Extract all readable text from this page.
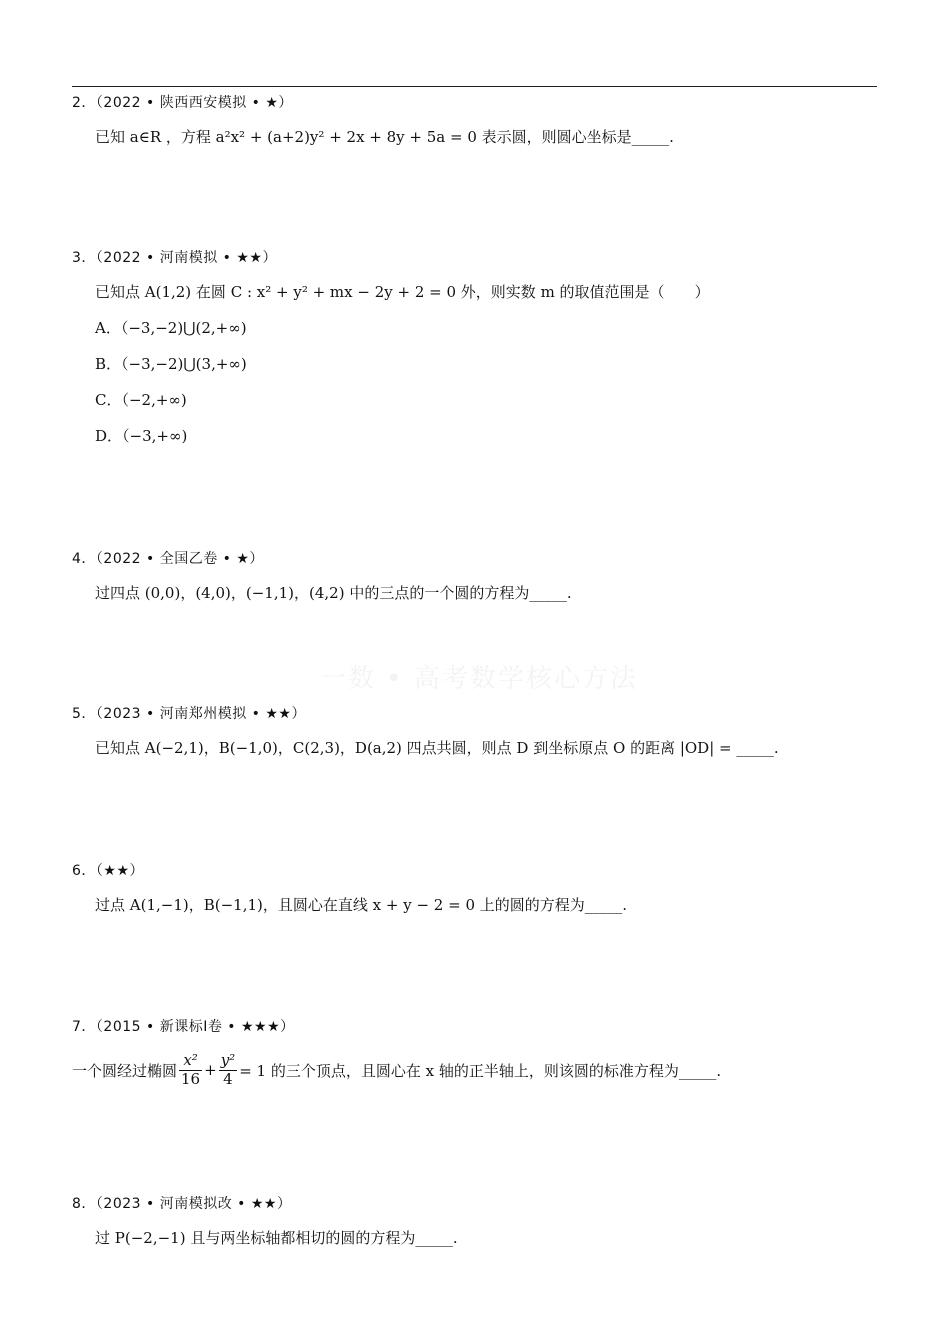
一数 • 高考数学核心方法
2．（2022 • 陕西西安模拟 • ★）
已知 a∈R ，方程 a²x² + (a+2)y² + 2x + 8y + 5a = 0 表示圆，则圆心坐标是_____.
3．（2022 • 河南模拟 • ★★）
已知点 A(1,2) 在圆 C : x² + y² + mx − 2y + 2 = 0 外，则实数 m 的取值范围是（　　）
A．（−3,−2)⋃(2,+∞)
B．（−3,−2)⋃(3,+∞)
C．（−2,+∞)
D．（−3,+∞)
4．（2022 • 全国乙卷 • ★）
过四点 (0,0)，(4,0)，(−1,1)，(4,2) 中的三点的一个圆的方程为_____.
5．（2023 • 河南郑州模拟 • ★★）
已知点 A(−2,1)，B(−1,0)，C(2,3)，D(a,2) 四点共圆，则点 D 到坐标原点 O 的距离 |OD| = _____.
6．（★★）
过点 A(1,−1)，B(−1,1)，且圆心在直线 x + y − 2 = 0 上的圆的方程为_____.
7．（2015 • 新课标Ⅰ卷 • ★★★）
一个圆经过椭圆 $\frac{\text{x²}}{16} + \frac{\text{y²}}{4} = 1$ 的三个顶点，且圆心在 x 轴的正半轴上，则该圆的标准方程为_____.
8．（2023 • 河南模拟改 • ★★）
过 P(−2,−1) 且与两坐标轴都相切的圆的方程为_____.
